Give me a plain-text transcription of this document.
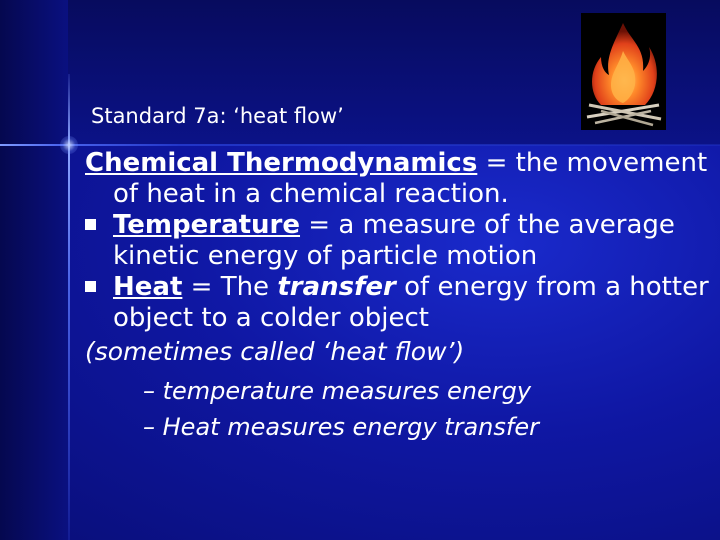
Standard 7a: ‘heat flow’

Chemical Thermodynamics = the movement of heat in a chemical reaction.

Temperature = a measure of the average kinetic energy of particle motion

Heat = The transfer of energy from a hotter object to a colder object
(sometimes called ‘heat flow’)

– temperature measures energy

– Heat measures energy transfer
